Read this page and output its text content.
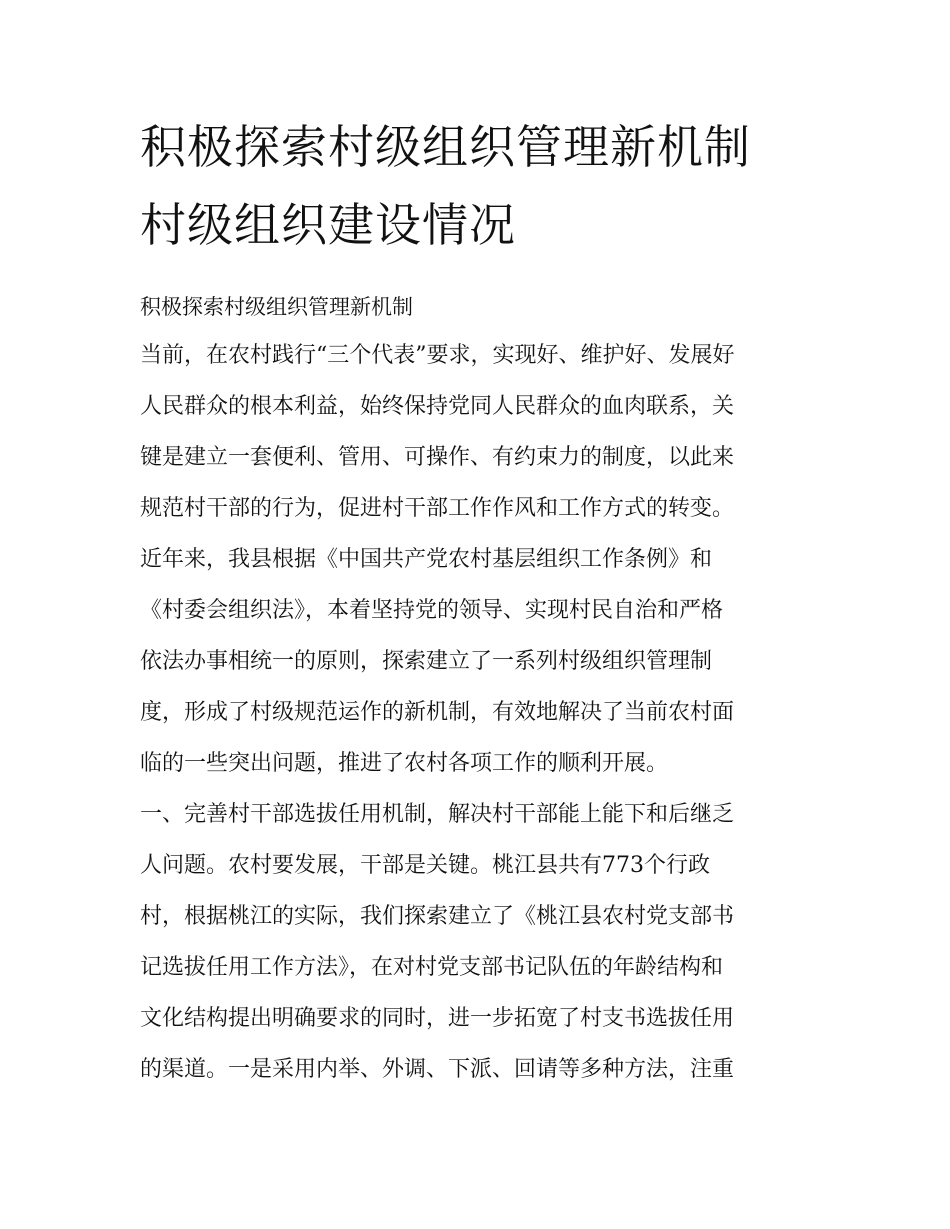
积极探索村级组织管理新机制
村级组织建设情况

积极探索村级组织管理新机制

当前，在农村践行“三个代表”要求，实现好、维护好、发展好
人民群众的根本利益，始终保持党同人民群众的血肉联系，关
键是建立一套便利、管用、可操作、有约束力的制度，以此来
规范村干部的行为，促进村干部工作作风和工作方式的转变。
近年来，我县根据《中国共产党农村基层组织工作条例》和
《村委会组织法》，本着坚持党的领导、实现村民自治和严格
依法办事相统一的原则，探索建立了一系列村级组织管理制
度，形成了村级规范运作的新机制，有效地解决了当前农村面
临的一些突出问题，推进了农村各项工作的顺利开展。
一、完善村干部选拔任用机制，解决村干部能上能下和后继乏
人问题。农村要发展，干部是关键。桃江县共有773个行政
村，根据桃江的实际，我们探索建立了《桃江县农村党支部书
记选拔任用工作方法》，在对村党支部书记队伍的年龄结构和
文化结构提出明确要求的同时，进一步拓宽了村支书选拔任用
的渠道。一是采用内举、外调、下派、回请等多种方法，注重
